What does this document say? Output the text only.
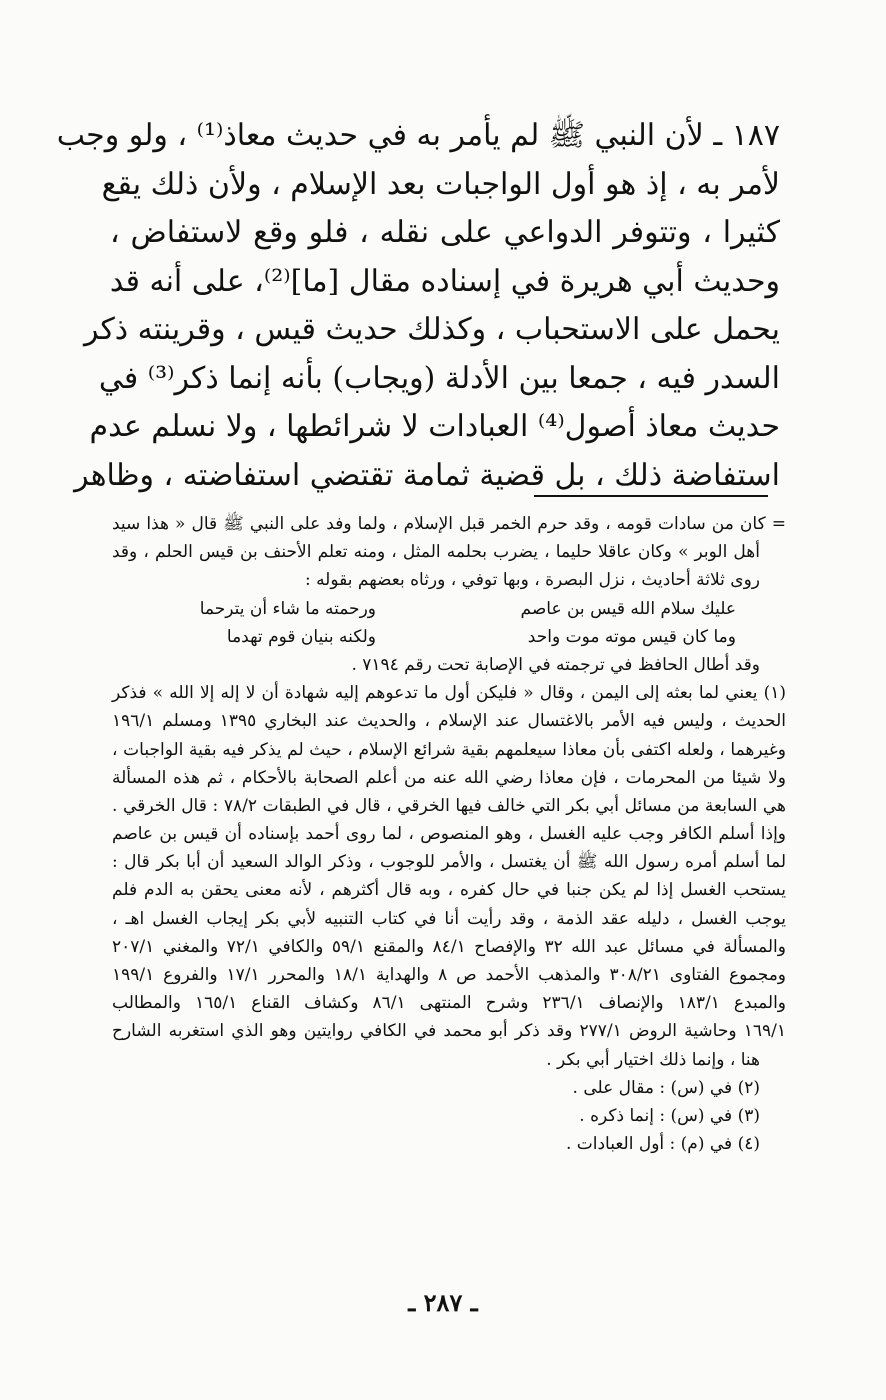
١٨٧ ـ لأن النبي ﷺ لم يأمر به في حديث معاذ⁽¹⁾ ، ولو وجب
لأمر به ، إذ هو أول الواجبات بعد الإسلام ، ولأن ذلك يقع
كثيرا ، وتتوفر الدواعي على نقله ، فلو وقع لاستفاض ،
وحديث أبي هريرة في إسناده مقال [ما]⁽²⁾، على أنه قد
يحمل على الاستحباب ، وكذلك حديث قيس ، وقرينته ذكر
السدر فيه ، جمعا بين الأدلة (ويجاب) بأنه إنما ذكر⁽³⁾ في
حديث معاذ أصول⁽⁴⁾ العبادات لا شرائطها ، ولا نسلم عدم
استفاضة ذلك ، بل قضية ثمامة تقتضي استفاضته ، وظاهر
= كان من سادات قومه ، وقد حرم الخمر قبل الإسلام ، ولما وفد على النبي ﷺ قال « هذا سيد
أهل الوبر » وكان عاقلا حليما ، يضرب بحلمه المثل ، ومنه تعلم الأحنف بن قيس الحلم ، وقد
روى ثلاثة أحاديث ، نزل البصرة ، وبها توفي ، ورثاه بعضهم بقوله :
عليك سلام الله قيس بن عاصم
ورحمته ما شاء أن يترحما
وما كان قيس موته موت واحد
ولكنه بنيان قوم تهدما
وقد أطال الحافظ في ترجمته في الإصابة تحت رقم ٧١٩٤ .
(١) يعني لما بعثه إلى اليمن ، وقال « فليكن أول ما تدعوهم إليه شهادة أن لا إله إلا الله » فذكر
الحديث ، وليس فيه الأمر بالاغتسال عند الإسلام ، والحديث عند البخاري ١٣٩٥ ومسلم ١٩٦/١
وغيرهما ، ولعله اكتفى بأن معاذا سيعلمهم بقية شرائع الإسلام ، حيث لم يذكر فيه بقية الواجبات ،
ولا شيئا من المحرمات ، فإن معاذا رضي الله عنه من أعلم الصحابة بالأحكام ، ثم هذه المسألة
هي السابعة من مسائل أبي بكر التي خالف فيها الخرقي ، قال في الطبقات ٧٨/٢ : قال الخرقي .
وإذا أسلم الكافر وجب عليه الغسل ، وهو المنصوص ، لما روى أحمد بإسناده أن قيس بن عاصم
لما أسلم أمره رسول الله ﷺ أن يغتسل ، والأمر للوجوب ، وذكر الوالد السعيد أن أبا بكر قال :
يستحب الغسل إذا لم يكن جنبا في حال كفره ، وبه قال أكثرهم ، لأنه معنى يحقن به الدم فلم
يوجب الغسل ، دليله عقد الذمة ، وقد رأيت أنا في كتاب التنبيه لأبي بكر إيجاب الغسل اهـ ،
والمسألة في مسائل عبد الله ٣٢ والإفصاح ٨٤/١ والمقنع ٥٩/١ والكافي ٧٢/١ والمغني ٢٠٧/١
ومجموع الفتاوى ٣٠٨/٢١ والمذهب الأحمد ص ٨ والهداية ١٨/١ والمحرر ١٧/١ والفروع ١٩٩/١
والمبدع ١٨٣/١ والإنصاف ٢٣٦/١ وشرح المنتهى ٨٦/١ وكشاف القناع ١٦٥/١ والمطالب
١٦٩/١ وحاشية الروض ٢٧٧/١ وقد ذكر أبو محمد في الكافي روايتين وهو الذي استغربه الشارح
هنا ، وإنما ذلك اختيار أبي بكر .
(٢) في (س) : مقال على .
(٣) في (س) : إنما ذكره .
(٤) في (م) : أول العبادات .
ـ ٢٨٧ ـ
